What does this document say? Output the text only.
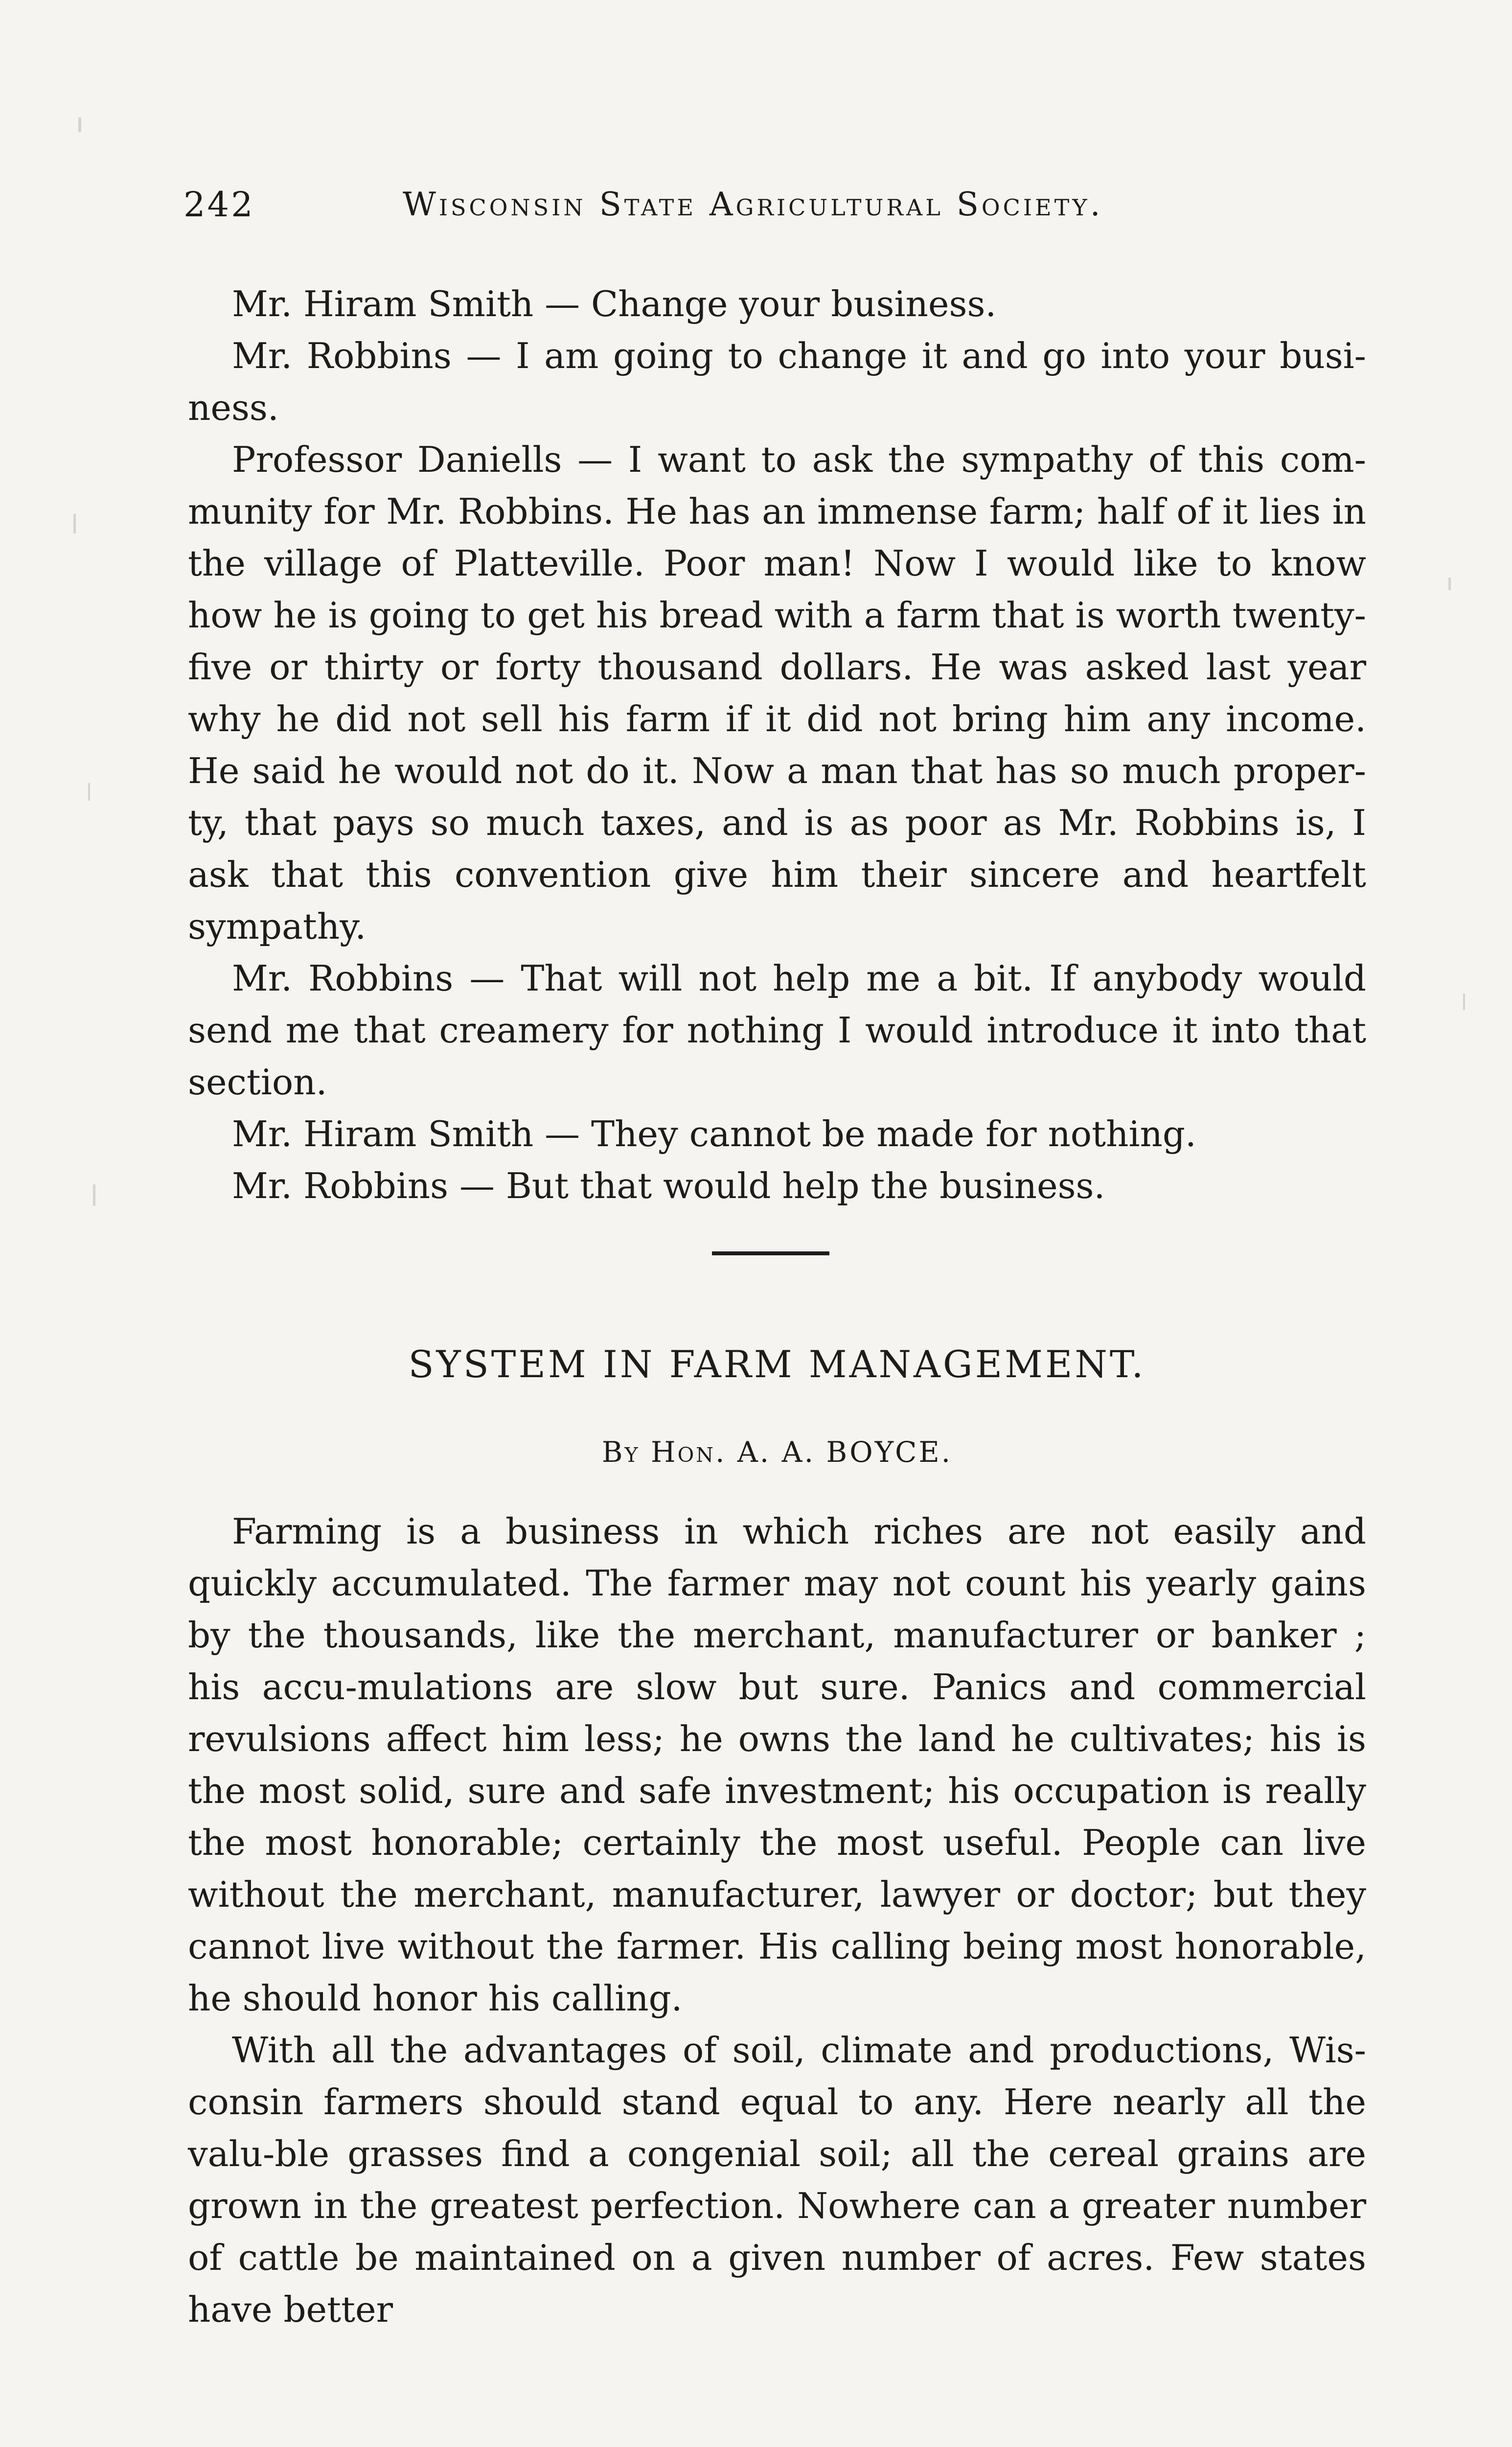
242	Wisconsin State Agricultural Society.

Mr. Hiram Smith — Change your business.

Mr. Robbins — I am going to change it and go into your busi-ness.

Professor Daniells — I want to ask the sympathy of this com-munity for Mr. Robbins. He has an immense farm; half of it lies in the village of Platteville. Poor man! Now I would like to know how he is going to get his bread with a farm that is worth twenty-five or thirty or forty thousand dollars. He was asked last year why he did not sell his farm if it did not bring him any income. He said he would not do it. Now a man that has so much proper-ty, that pays so much taxes, and is as poor as Mr. Robbins is, I ask that this convention give him their sincere and heartfelt sympathy.

Mr. Robbins — That will not help me a bit. If anybody would send me that creamery for nothing I would introduce it into that section.

Mr. Hiram Smith — They cannot be made for nothing.

Mr. Robbins — But that would help the business.

SYSTEM IN FARM MANAGEMENT.
By Hon. A. A. BOYCE.

Farming is a business in which riches are not easily and quickly accumulated. The farmer may not count his yearly gains by the thousands, like the merchant, manufacturer or banker ; his accu-mulations are slow but sure. Panics and commercial revulsions affect him less; he owns the land he cultivates; his is the most solid, sure and safe investment; his occupation is really the most honorable; certainly the most useful. People can live without the merchant, manufacturer, lawyer or doctor; but they cannot live without the farmer. His calling being most honorable, he should honor his calling.

With all the advantages of soil, climate and productions, Wis-consin farmers should stand equal to any. Here nearly all the valu-ble grasses find a congenial soil; all the cereal grains are grown in the greatest perfection. Nowhere can a greater number of cattle be maintained on a given number of acres. Few states have better
